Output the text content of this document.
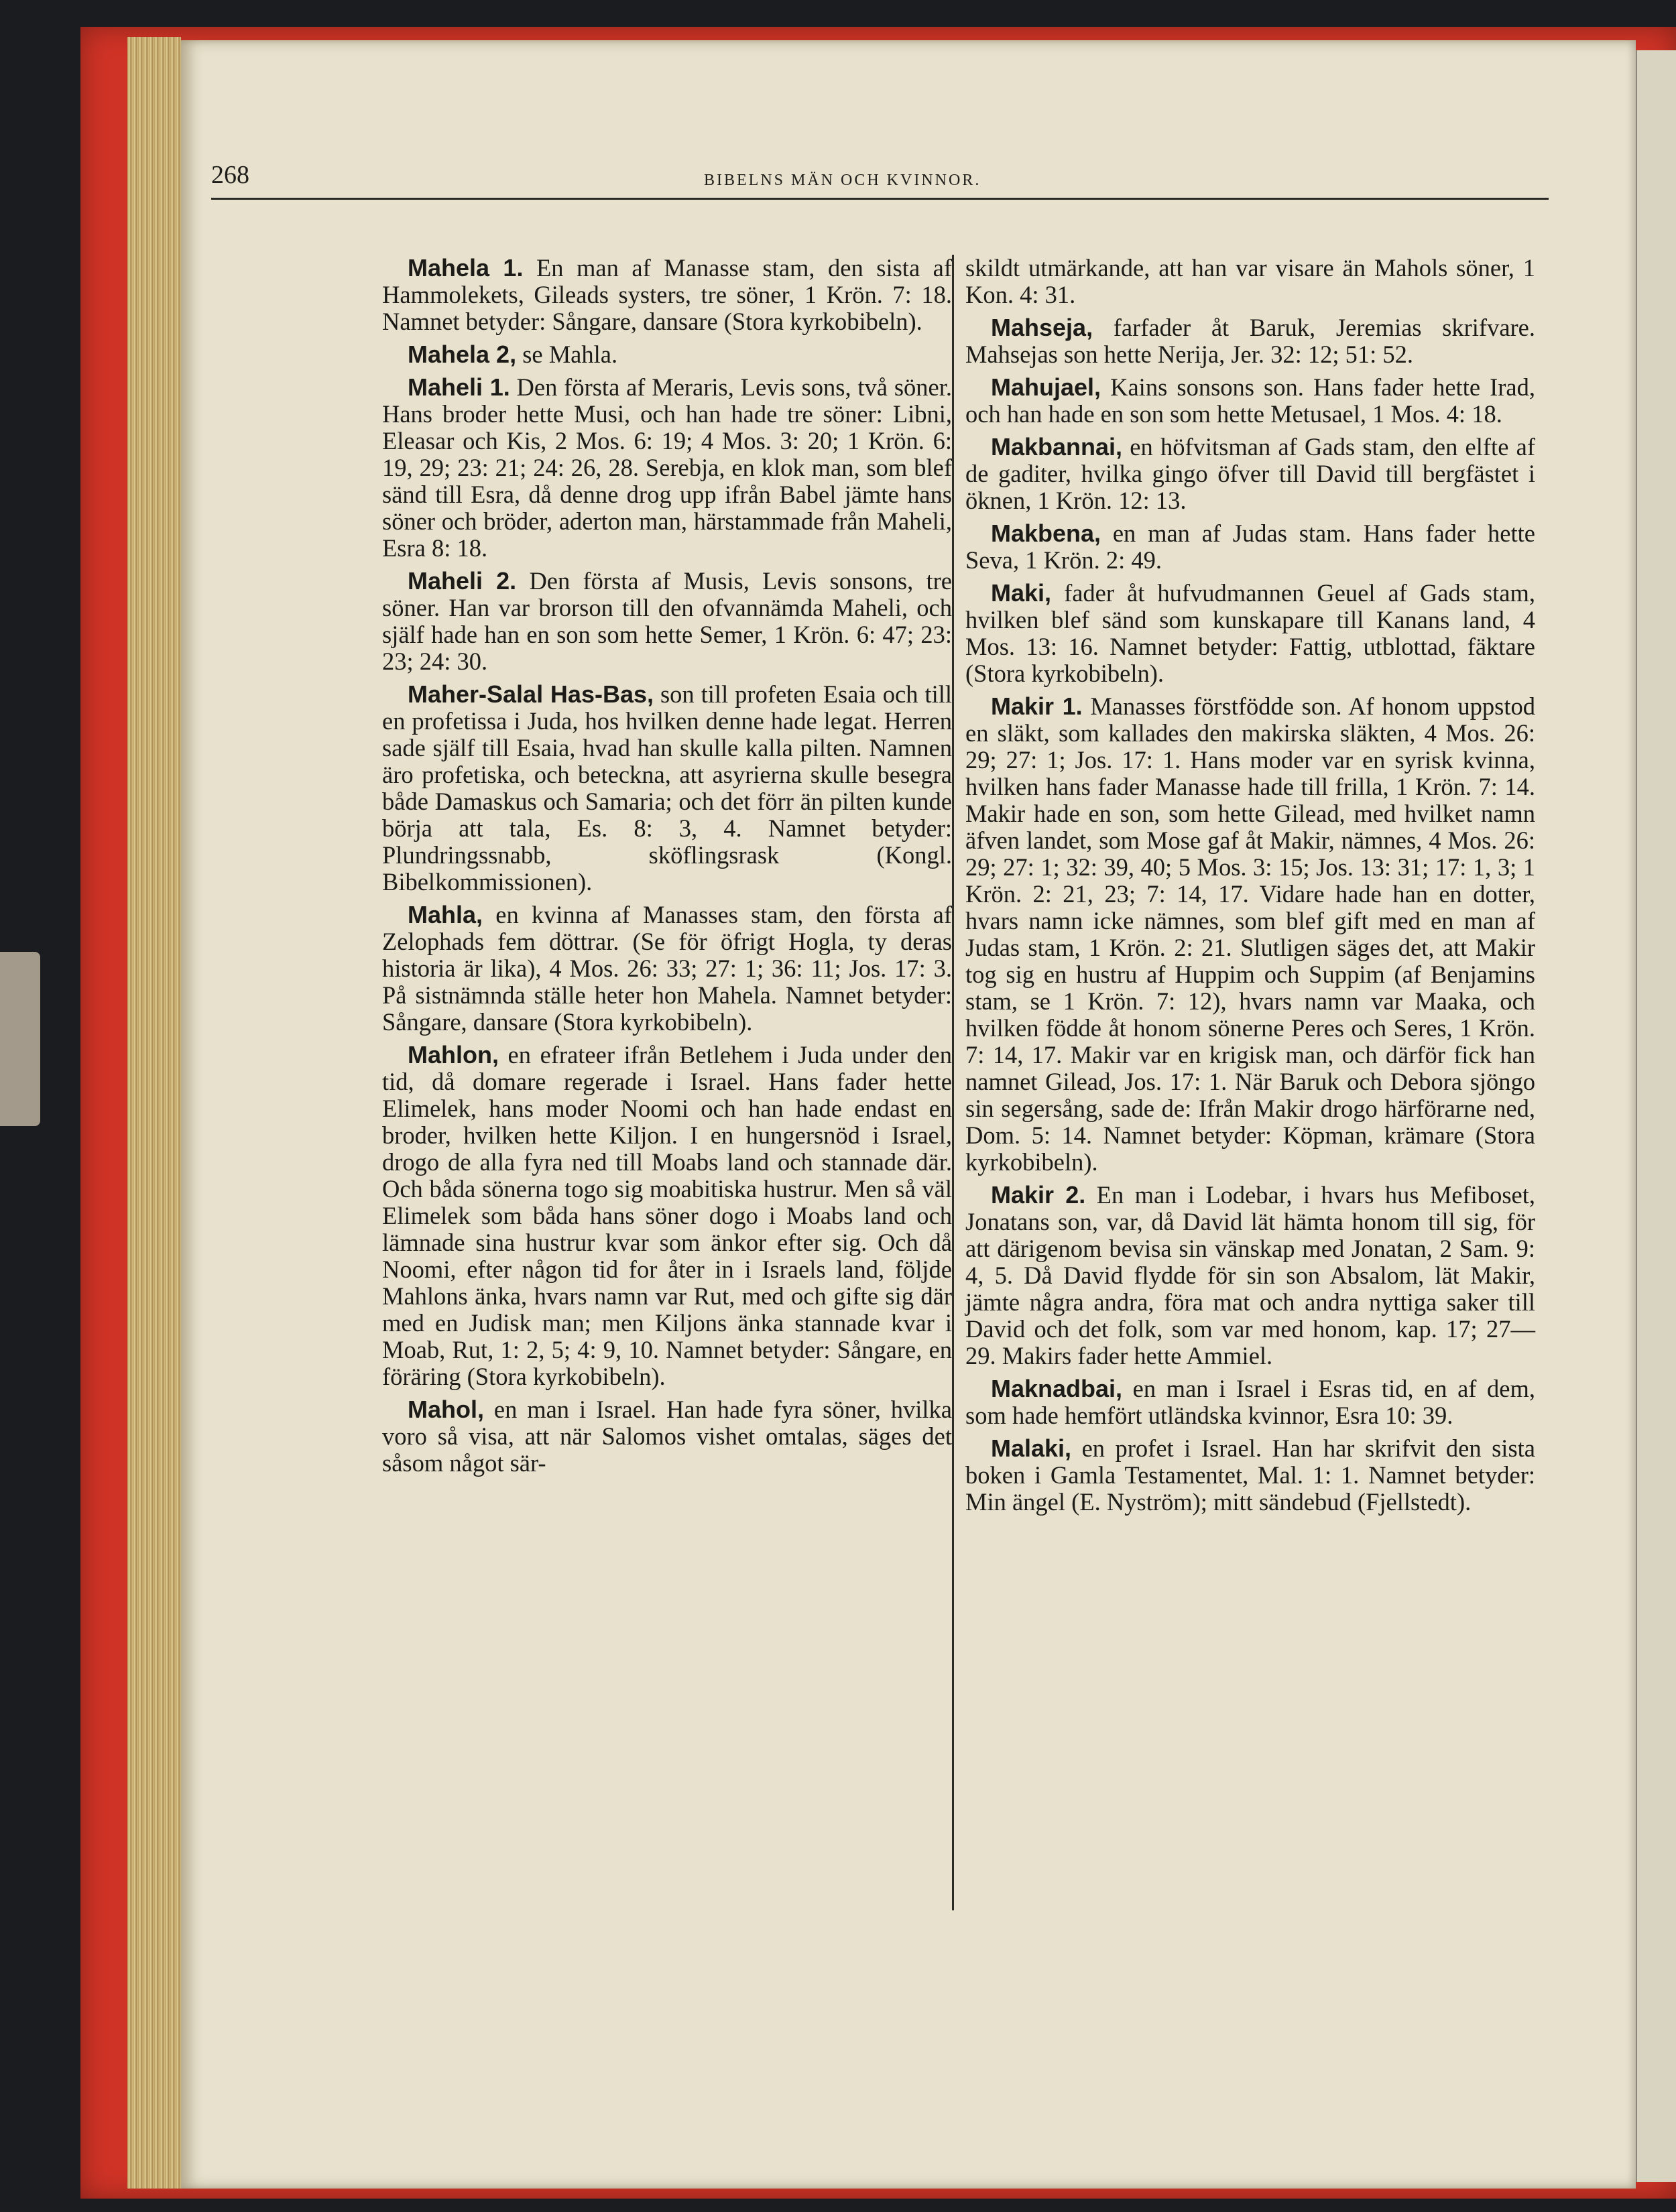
268	BIBELNS MÄN OCH KVINNOR.

Mahela 1. En man af Manasse stam, den sista af Hammolekets, Gileads systers, tre söner, 1 Krön. 7: 18. Namnet betyder: Sångare, dansare (Stora kyrkobibeln).

Mahela 2, se Mahla.

Maheli 1. Den första af Meraris, Levis sons, två söner. Hans broder hette Musi, och han hade tre söner: Libni, Eleasar och Kis, 2 Mos. 6: 19; 4 Mos. 3: 20; 1 Krön. 6: 19, 29; 23: 21; 24: 26, 28. Serebja, en klok man, som blef sänd till Esra, då denne drog upp ifrån Babel jämte hans söner och bröder, aderton man, härstammade från Maheli, Esra 8: 18.

Maheli 2. Den första af Musis, Levis sonsons, tre söner. Han var brorson till den ofvannämda Maheli, och själf hade han en son som hette Semer, 1 Krön. 6: 47; 23: 23; 24: 30.

Maher-Salal Has-Bas, son till profeten Esaia och till en profetissa i Juda, hos hvilken denne hade legat. Herren sade själf till Esaia, hvad han skulle kalla pilten. Namnen äro profetiska, och beteckna, att asyrierna skulle besegra både Damaskus och Samaria; och det förr än pilten kunde börja att tala, Es. 8: 3, 4. Namnet betyder: Plundringssnabb, sköflingsrask (Kongl. Bibelkommissionen).

Mahla, en kvinna af Manasses stam, den första af Zelophads fem döttrar. (Se för öfrigt Hogla, ty deras historia är lika), 4 Mos. 26: 33; 27: 1; 36: 11; Jos. 17: 3. På sistnämnda ställe heter hon Mahela. Namnet betyder: Sångare, dansare (Stora kyrkobibeln).

Mahlon, en efrateer ifrån Betlehem i Juda under den tid, då domare regerade i Israel. Hans fader hette Elimelek, hans moder Noomi och han hade endast en broder, hvilken hette Kiljon. I en hungersnöd i Israel, drogo de alla fyra ned till Moabs land och stannade där. Och båda sönerna togo sig moabitiska hustrur. Men så väl Elimelek som båda hans söner dogo i Moabs land och lämnade sina hustrur kvar som änkor efter sig. Och då Noomi, efter någon tid for åter in i Israels land, följde Mahlons änka, hvars namn var Rut, med och gifte sig där med en Judisk man; men Kiljons änka stannade kvar i Moab, Rut, 1: 2, 5; 4: 9, 10. Namnet betyder: Sångare, en föräring (Stora kyrkobibeln).

Mahol, en man i Israel. Han hade fyra söner, hvilka voro så visa, att när Salomos vishet omtalas, säges det såsom något sär-

skildt utmärkande, att han var visare än Mahols söner, 1 Kon. 4: 31.

Mahseja, farfader åt Baruk, Jeremias skrifvare. Mahsejas son hette Nerija, Jer. 32: 12; 51: 52.

Mahujael, Kains sonsons son. Hans fader hette Irad, och han hade en son som hette Metusael, 1 Mos. 4: 18.

Makbannai, en höfvitsman af Gads stam, den elfte af de gaditer, hvilka gingo öfver till David till bergfästet i öknen, 1 Krön. 12: 13.

Makbena, en man af Judas stam. Hans fader hette Seva, 1 Krön. 2: 49.

Maki, fader åt hufvudmannen Geuel af Gads stam, hvilken blef sänd som kunskapare till Kanans land, 4 Mos. 13: 16. Namnet betyder: Fattig, utblottad, fäktare (Stora kyrkobibeln).

Makir 1. Manasses förstfödde son. Af honom uppstod en släkt, som kallades den makirska släkten, 4 Mos. 26: 29; 27: 1; Jos. 17: 1. Hans moder var en syrisk kvinna, hvilken hans fader Manasse hade till frilla, 1 Krön. 7: 14. Makir hade en son, som hette Gilead, med hvilket namn äfven landet, som Mose gaf åt Makir, nämnes, 4 Mos. 26: 29; 27: 1; 32: 39, 40; 5 Mos. 3: 15; Jos. 13: 31; 17: 1, 3; 1 Krön. 2: 21, 23; 7: 14, 17. Vidare hade han en dotter, hvars namn icke nämnes, som blef gift med en man af Judas stam, 1 Krön. 2: 21. Slutligen säges det, att Makir tog sig en hustru af Huppim och Suppim (af Benjamins stam, se 1 Krön. 7: 12), hvars namn var Maaka, och hvilken födde åt honom sönerne Peres och Seres, 1 Krön. 7: 14, 17. Makir var en krigisk man, och därför fick han namnet Gilead, Jos. 17: 1. När Baruk och Debora sjöngo sin segersång, sade de: Ifrån Makir drogo härförarne ned, Dom. 5: 14. Namnet betyder: Köpman, krämare (Stora kyrkobibeln).

Makir 2. En man i Lodebar, i hvars hus Mefiboset, Jonatans son, var, då David lät hämta honom till sig, för att därigenom bevisa sin vänskap med Jonatan, 2 Sam. 9: 4, 5. Då David flydde för sin son Absalom, lät Makir, jämte några andra, föra mat och andra nyttiga saker till David och det folk, som var med honom, kap. 17; 27—29. Makirs fader hette Ammiel.

Maknadbai, en man i Israel i Esras tid, en af dem, som hade hemfört utländska kvinnor, Esra 10: 39.

Malaki, en profet i Israel. Han har skrifvit den sista boken i Gamla Testamentet, Mal. 1: 1. Namnet betyder: Min ängel (E. Nyström); mitt sändebud (Fjellstedt).
